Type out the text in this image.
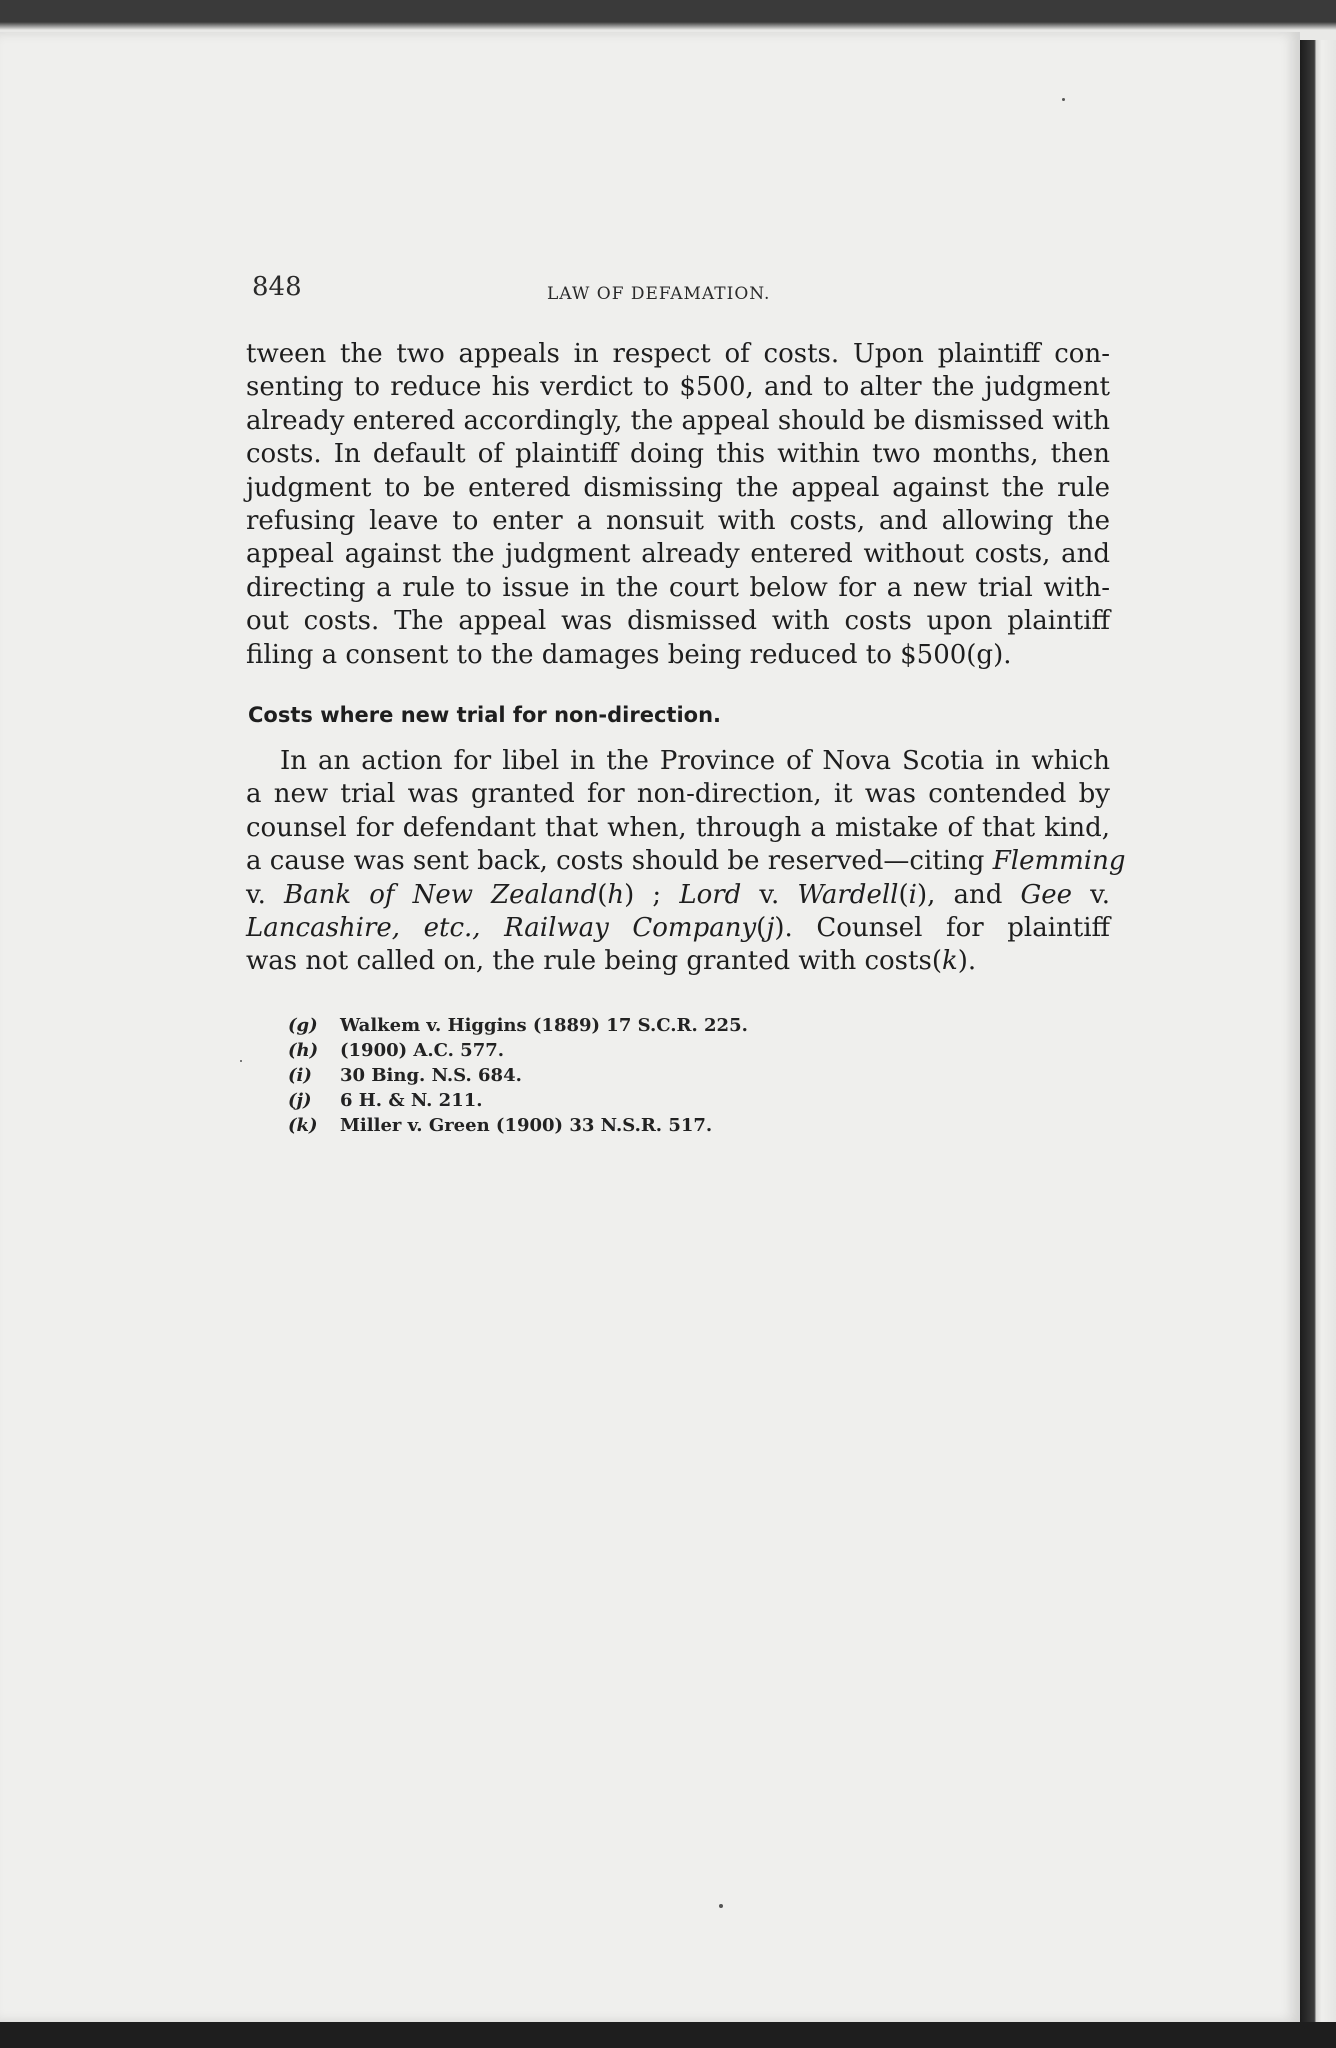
848	LAW OF DEFAMATION.

tween the two appeals in respect of costs. Upon plaintiff con-
senting to reduce his verdict to $500, and to alter the judgment
already entered accordingly, the appeal should be dismissed with
costs. In default of plaintiff doing this within two months, then
judgment to be entered dismissing the appeal against the rule
refusing leave to enter a nonsuit with costs, and allowing the
appeal against the judgment already entered without costs, and
directing a rule to issue in the court below for a new trial with-
out costs. The appeal was dismissed with costs upon plaintiff
filing a consent to the damages being reduced to $500(g).

Costs where new trial for non-direction.

In an action for libel in the Province of Nova Scotia in which
a new trial was granted for non-direction, it was contended by
counsel for defendant that when, through a mistake of that kind,
a cause was sent back, costs should be reserved—citing Flemming
v. Bank of New Zealand(h) ; Lord v. Wardell(i), and Gee v.
Lancashire, etc., Railway Company(j). Counsel for plaintiff
was not called on, the rule being granted with costs(k).

(g) Walkem v. Higgins (1889) 17 S.C.R. 225.
(h) (1900) A.C. 577.
(i) 30 Bing. N.S. 684.
(j) 6 H. & N. 211.
(k) Miller v. Green (1900) 33 N.S.R. 517.
